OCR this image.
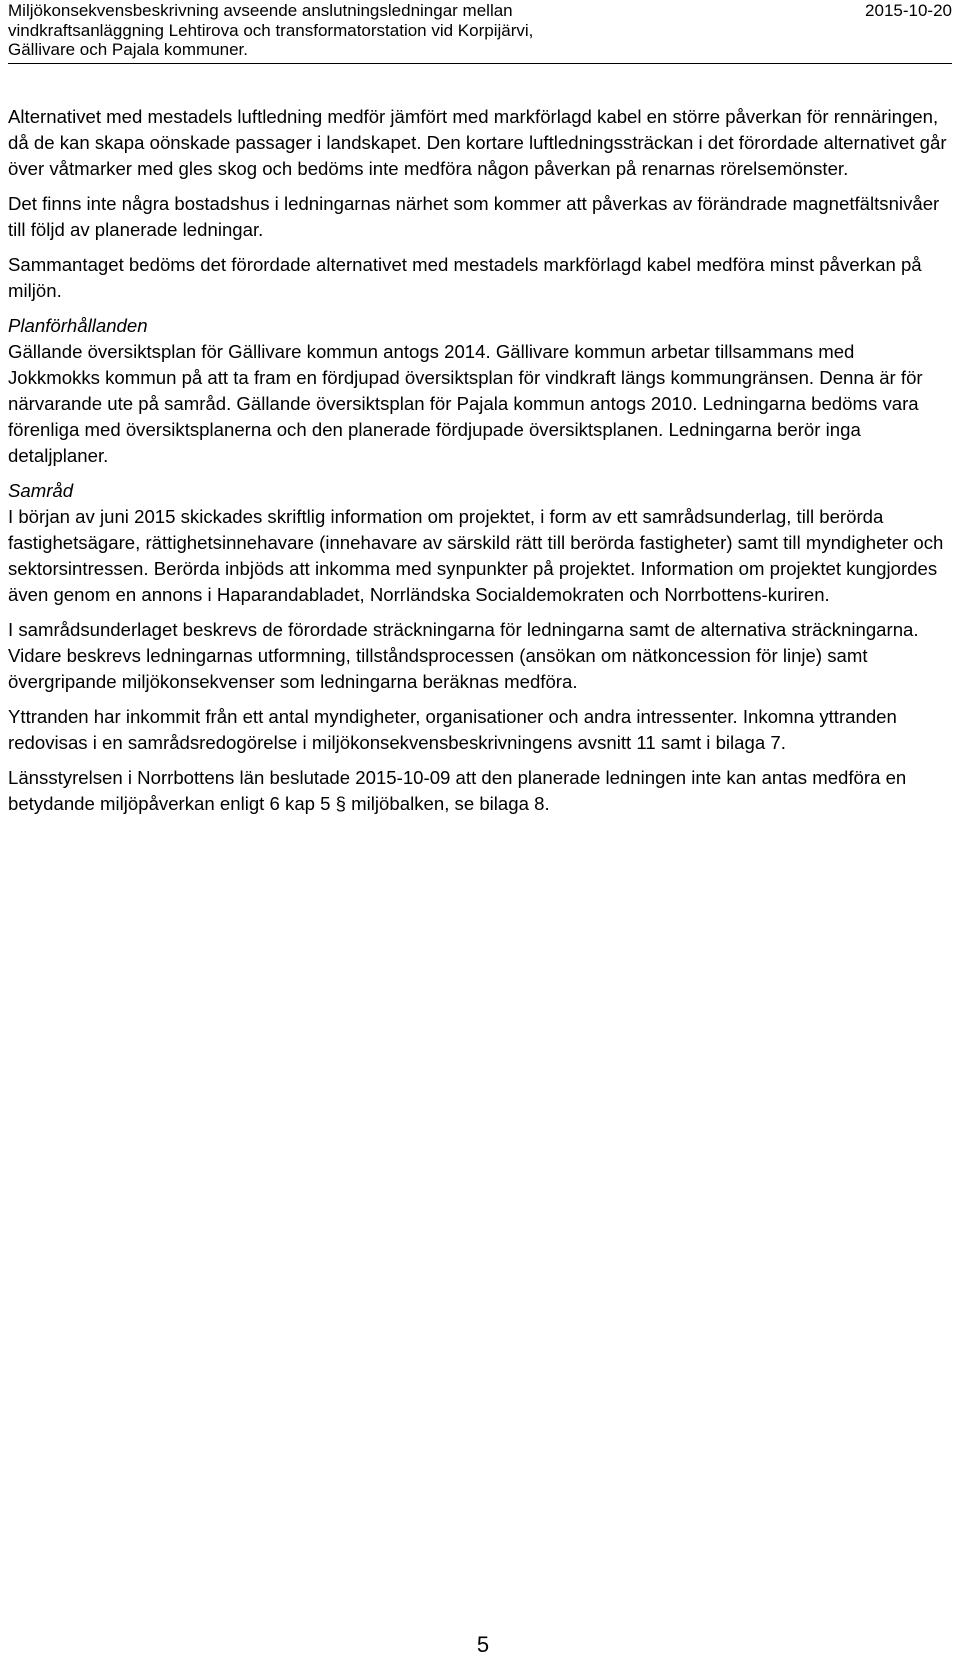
Miljökonsekvensbeskrivning avseende anslutningsledningar mellan
vindkraftsanläggning Lehtirova och transformatorstation vid Korpijärvi,
Gällivare och Pajala kommuner.
2015-10-20

Alternativet med mestadels luftledning medför jämfört med markförlagd kabel en större påverkan för rennäringen, då de kan skapa oönskade passager i landskapet. Den kortare luftledningssträckan i det förordade alternativet går över våtmarker med gles skog och bedöms inte medföra någon påverkan på renarnas rörelsemönster.

Det finns inte några bostadshus i ledningarnas närhet som kommer att påverkas av förändrade magnetfältsnivåer till följd av planerade ledningar.

Sammantaget bedöms det förordade alternativet med mestadels markförlagd kabel medföra minst påverkan på miljön.

Planförhållanden

Gällande översiktsplan för Gällivare kommun antogs 2014. Gällivare kommun arbetar tillsammans med Jokkmokks kommun på att ta fram en fördjupad översiktsplan för vindkraft längs kommungränsen. Denna är för närvarande ute på samråd. Gällande översiktsplan för Pajala kommun antogs 2010. Ledningarna bedöms vara förenliga med översiktsplanerna och den planerade fördjupade översiktsplanen. Ledningarna berör inga detaljplaner.

Samråd

I början av juni 2015 skickades skriftlig information om projektet, i form av ett samrådsunderlag, till berörda fastighetsägare, rättighetsinnehavare (innehavare av särskild rätt till berörda fastigheter) samt till myndigheter och sektorsintressen. Berörda inbjöds att inkomma med synpunkter på projektet. Information om projektet kungjordes även genom en annons i Haparandabladet, Norrländska Socialdemokraten och Norrbottens-kuriren.

I samrådsunderlaget beskrevs de förordade sträckningarna för ledningarna samt de alternativa sträckningarna. Vidare beskrevs ledningarnas utformning, tillståndsprocessen (ansökan om nätkoncession för linje) samt övergripande miljökonsekvenser som ledningarna beräknas medföra.

Yttranden har inkommit från ett antal myndigheter, organisationer och andra intressenter. Inkomna yttranden redovisas i en samrådsredogörelse i miljökonsekvensbeskrivningens avsnitt 11 samt i bilaga 7.

Länsstyrelsen i Norrbottens län beslutade 2015-10-09 att den planerade ledningen inte kan antas medföra en betydande miljöpåverkan enligt 6 kap 5 § miljöbalken, se bilaga 8.

5
